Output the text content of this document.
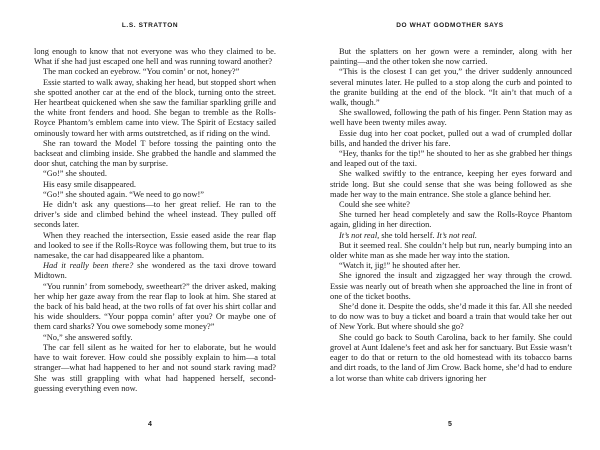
L.S. STRATTON

long enough to know that not everyone was who they claimed to be. What if she had just escaped one hell and was running toward another?

The man cocked an eyebrow. “You comin’ or not, honey?”

Essie started to walk away, shaking her head, but stopped short when she spotted another car at the end of the block, turning onto the street. Her heartbeat quickened when she saw the familiar sparkling grille and the white front fenders and hood. She began to tremble as the Rolls-Royce Phantom’s emblem came into view. The Spirit of Ecstacy sailed ominously toward her with arms outstretched, as if riding on the wind.

She ran toward the Model T before tossing the painting onto the backseat and climbing inside. She grabbed the handle and slammed the door shut, catching the man by surprise.

“Go!” she shouted.

His easy smile disappeared.

“Go!” she shouted again. “We need to go now!”

He didn’t ask any questions—to her great relief. He ran to the driver’s side and climbed behind the wheel instead. They pulled off seconds later.

When they reached the intersection, Essie eased aside the rear flap and looked to see if the Rolls-Royce was following them, but true to its namesake, the car had disappeared like a phantom.

Had it really been there? she wondered as the taxi drove toward Midtown.

“You runnin’ from somebody, sweetheart?” the driver asked, making her whip her gaze away from the rear flap to look at him. She stared at the back of his bald head, at the two rolls of fat over his shirt collar and his wide shoulders. “Your poppa comin’ after you? Or maybe one of them card sharks? You owe somebody some money?”

“No,” she answered softly.

The car fell silent as he waited for her to elaborate, but he would have to wait forever. How could she possibly explain to him—a total stranger—what had happened to her and not sound stark raving mad? She was still grappling with what had happened herself, second-guessing everything even now.

4
DO WHAT GODMOTHER SAYS

But the splatters on her gown were a reminder, along with her painting—and the other token she now carried.

“This is the closest I can get you,” the driver suddenly announced several minutes later. He pulled to a stop along the curb and pointed to the granite building at the end of the block. “It ain’t that much of a walk, though.”

She swallowed, following the path of his finger. Penn Station may as well have been twenty miles away.

Essie dug into her coat pocket, pulled out a wad of crumpled dollar bills, and handed the driver his fare.

“Hey, thanks for the tip!” he shouted to her as she grabbed her things and leaped out of the taxi.

She walked swiftly to the entrance, keeping her eyes forward and stride long. But she could sense that she was being followed as she made her way to the main entrance. She stole a glance behind her.

Could she see white?

She turned her head completely and saw the Rolls-Royce Phantom again, gliding in her direction.

It’s not real, she told herself. It’s not real.

But it seemed real. She couldn’t help but run, nearly bumping into an older white man as she made her way into the station.

“Watch it, jig!” he shouted after her.

She ignored the insult and zigzagged her way through the crowd. Essie was nearly out of breath when she approached the line in front of one of the ticket booths.

She’d done it. Despite the odds, she’d made it this far. All she needed to do now was to buy a ticket and board a train that would take her out of New York. But where should she go?

She could go back to South Carolina, back to her family. She could grovel at Aunt Idalene’s feet and ask her for sanctuary. But Essie wasn’t eager to do that or return to the old homestead with its tobacco barns and dirt roads, to the land of Jim Crow. Back home, she’d had to endure a lot worse than white cab drivers ignoring her

5
